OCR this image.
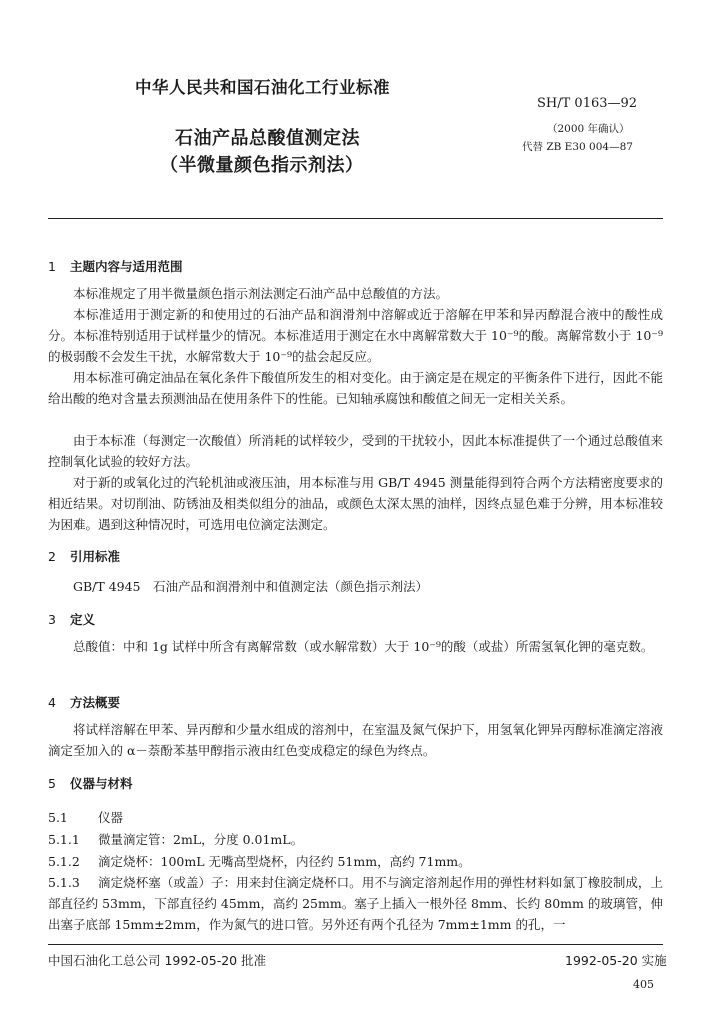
中华人民共和国石油化工行业标准
SH/T 0163—92
（2000 年确认）
代替 ZB E30 004—87
石油产品总酸值测定法
（半微量颜色指示剂法）
1 主题内容与适用范围
本标准规定了用半微量颜色指示剂法测定石油产品中总酸值的方法。
本标准适用于测定新的和使用过的石油产品和润滑剂中溶解或近于溶解在甲苯和异丙醇混合液中的酸性成分。本标准特别适用于试样量少的情况。本标准适用于测定在水中离解常数大于 10⁻⁹的酸。离解常数小于 10⁻⁹的极弱酸不会发生干扰，水解常数大于 10⁻⁹的盐会起反应。
用本标准可确定油品在氧化条件下酸值所发生的相对变化。由于滴定是在规定的平衡条件下进行，因此不能给出酸的绝对含量去预测油品在使用条件下的性能。已知轴承腐蚀和酸值之间无一定相关关系。
由于本标准（每测定一次酸值）所消耗的试样较少，受到的干扰较小，因此本标准提供了一个通过总酸值来控制氧化试验的较好方法。
对于新的或氧化过的汽轮机油或液压油，用本标准与用 GB/T 4945 测量能得到符合两个方法精密度要求的相近结果。对切削油、防锈油及相类似组分的油品，或颜色太深太黑的油样，因终点显色难于分辨，用本标准较为困难。遇到这种情况时，可选用电位滴定法测定。
2 引用标准
GB/T 4945　石油产品和润滑剂中和值测定法（颜色指示剂法）
3 定义
总酸值：中和 1g 试样中所含有离解常数（或水解常数）大于 10⁻⁹的酸（或盐）所需氢氧化钾的毫克数。
4 方法概要
将试样溶解在甲苯、异丙醇和少量水组成的溶剂中，在室温及氮气保护下，用氢氧化钾异丙醇标准滴定溶液滴定至加入的 α－萘酚苯基甲醇指示液由红色变成稳定的绿色为终点。
5 仪器与材料
5.1 仪器
5.1.1 微量滴定管：2mL，分度 0.01mL。
5.1.2 滴定烧杯：100mL 无嘴高型烧杯，内径约 51mm，高约 71mm。
5.1.3 滴定烧杯塞（或盖）子：用来封住滴定烧杯口。用不与滴定溶剂起作用的弹性材料如氯丁橡胶制成，上部直径约 53mm，下部直径约 45mm，高约 25mm。塞子上插入一根外径 8mm、长约 80mm 的玻璃管，伸出塞子底部 15mm±2mm，作为氮气的进口管。另外还有两个孔径为 7mm±1mm 的孔，一
中国石油化工总公司 1992-05-20 批准	1992-05-20 实施
405
